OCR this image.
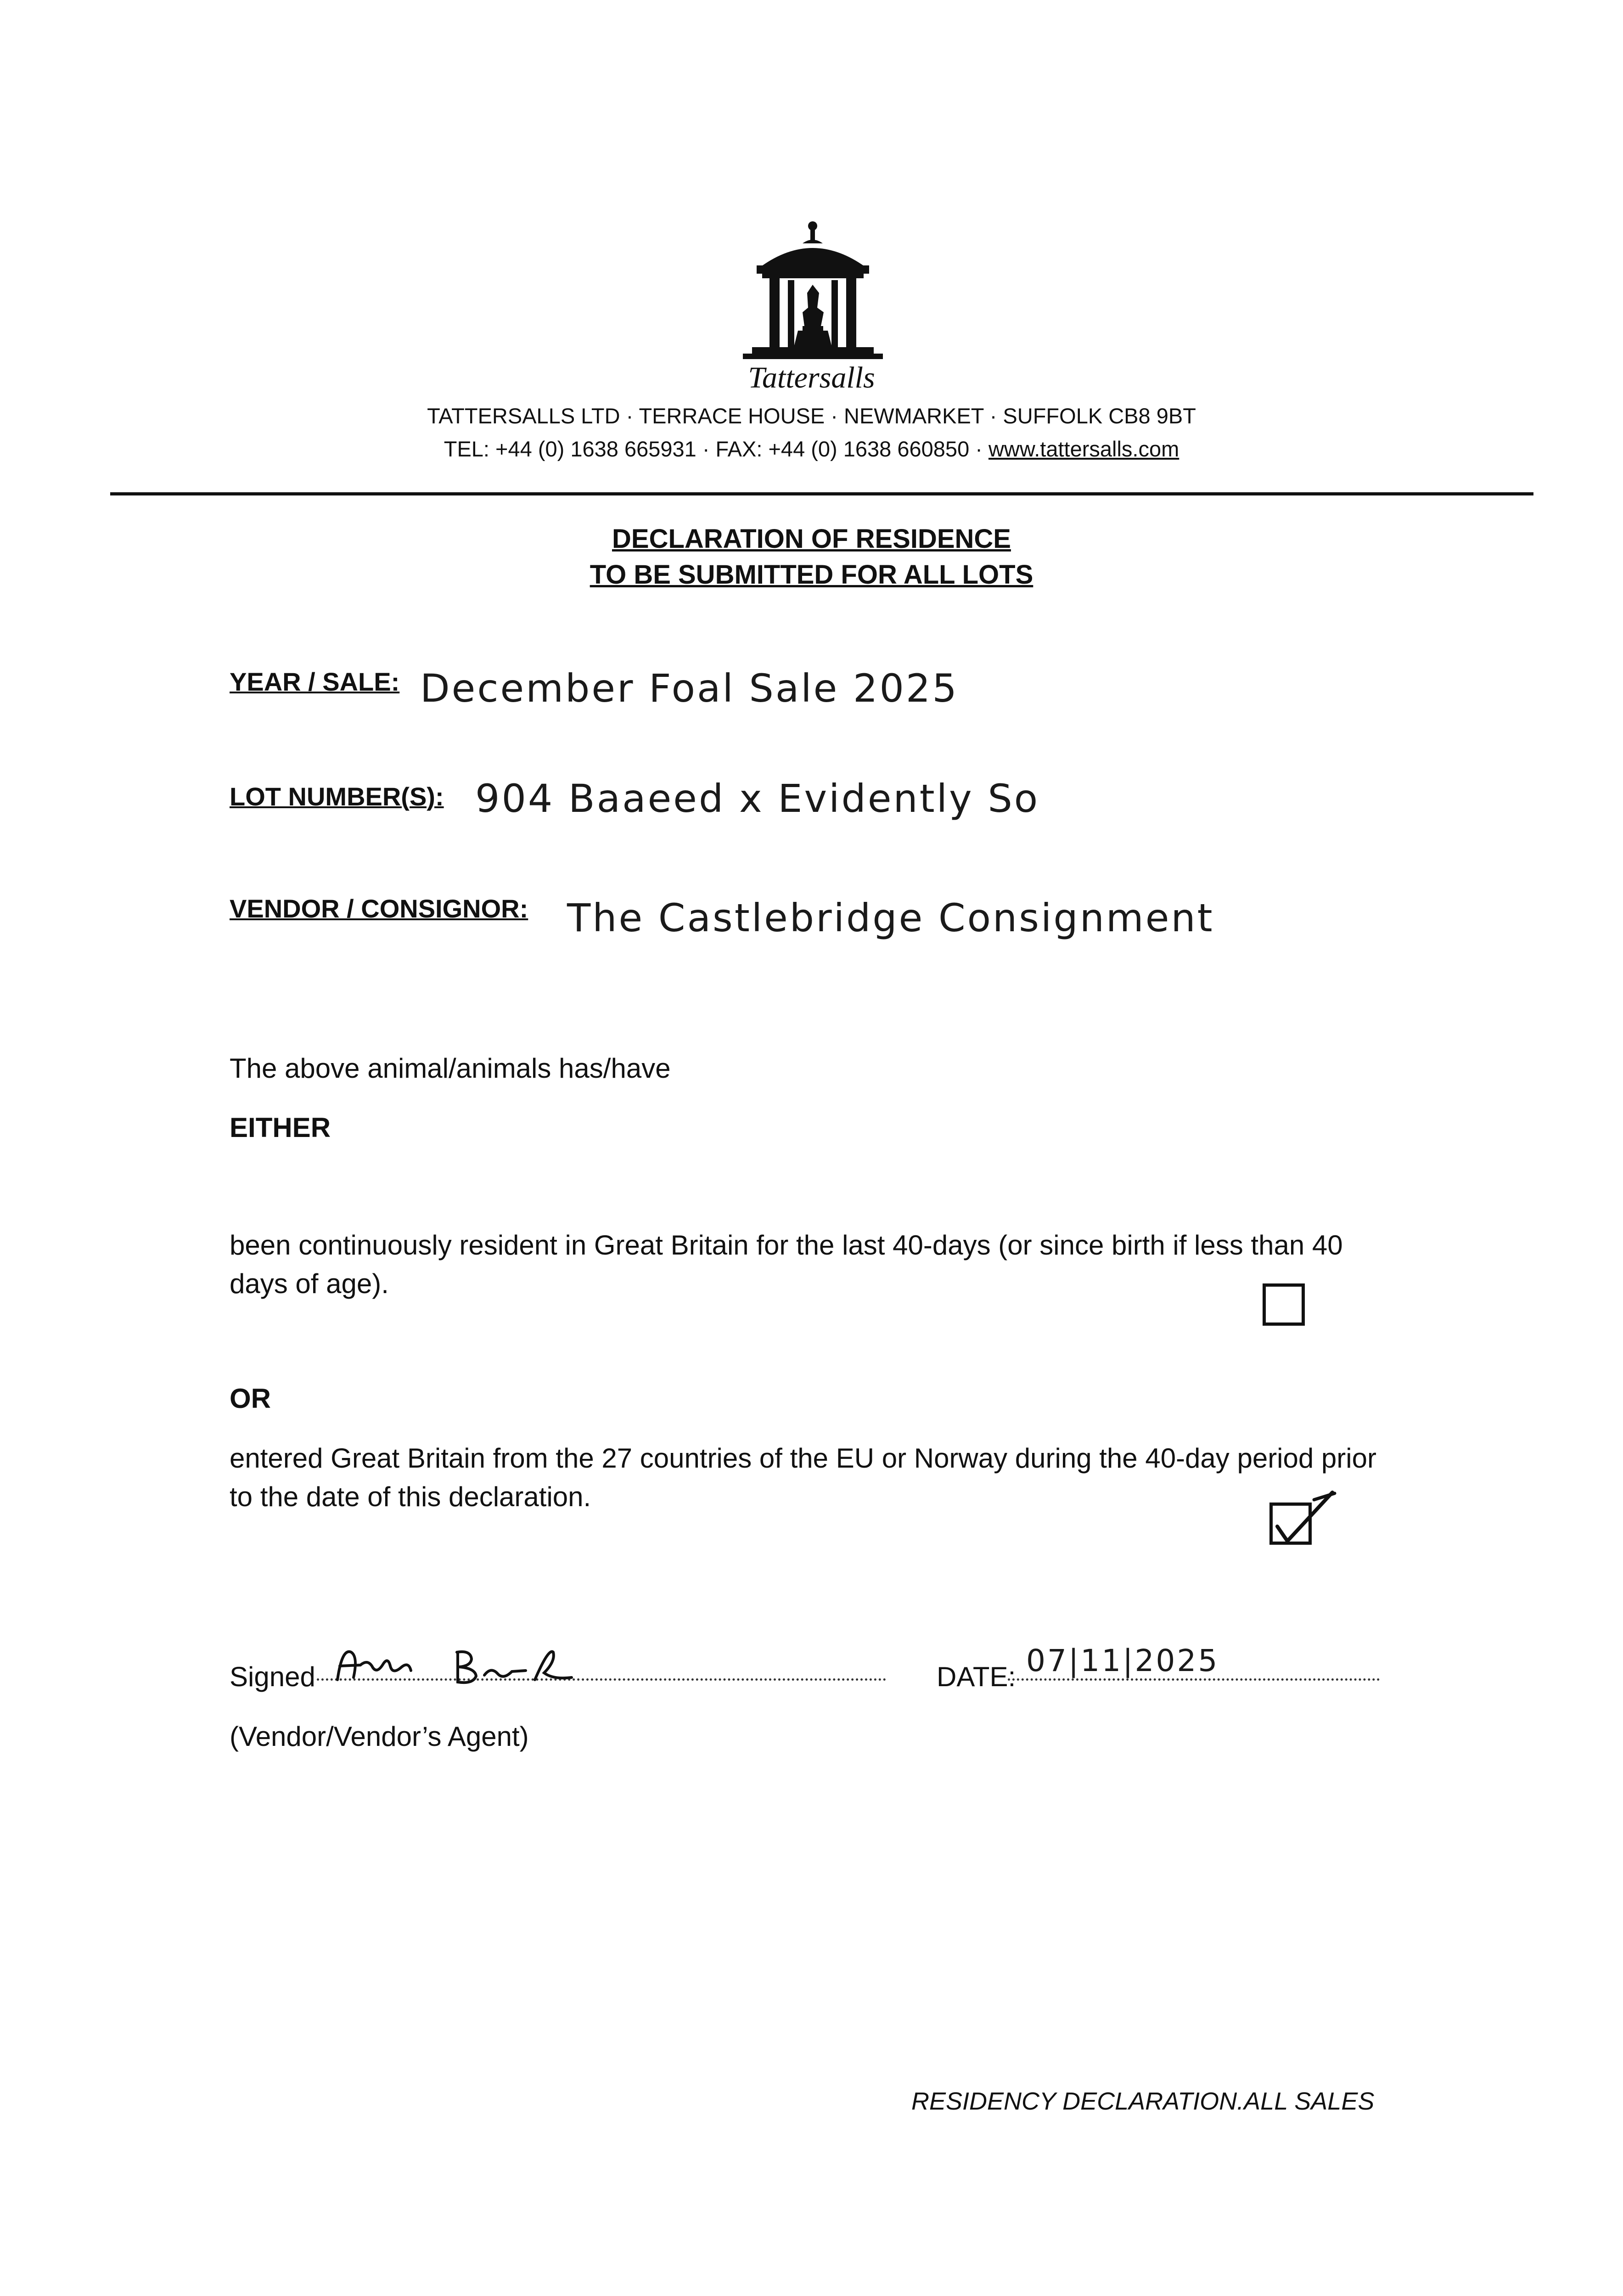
Tattersalls
TATTERSALLS LTD · TERRACE HOUSE · NEWMARKET · SUFFOLK CB8 9BT
TEL: +44 (0) 1638 665931 · FAX: +44 (0) 1638 660850 · www.tattersalls.com
DECLARATION OF RESIDENCE
TO BE SUBMITTED FOR ALL LOTS
YEAR / SALE: December Foal Sale 2025
LOT NUMBER(S): 904 Baaeed x Evidently So
VENDOR / CONSIGNOR: The Castlebridge Consignment
The above animal/animals has/have
EITHER
been continuously resident in Great Britain for the last 40-days (or since birth if less than 40 days of age).
OR
entered Great Britain from the 27 countries of the EU or Norway during the 40-day period prior to the date of this declaration.
Signed	DATE: 07|11|2025
(Vendor/Vendor’s Agent)
RESIDENCY DECLARATION.ALL SALES
